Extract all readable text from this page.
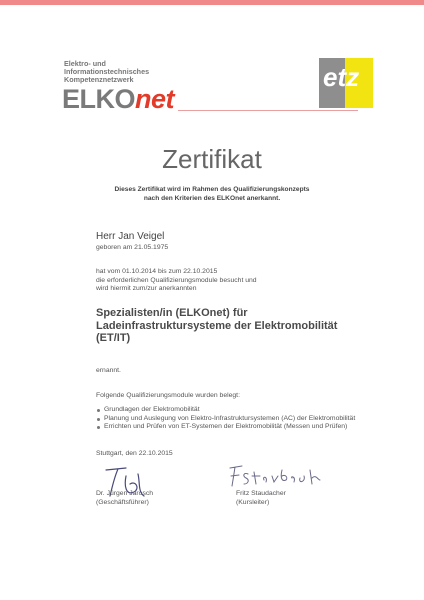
Elektro- und
Informationstechnisches
Kompetenznetzwerk
ELKOnet
etz
Zertifikat
Dieses Zertifikat wird im Rahmen des Qualifizierungskonzepts
nach den Kriterien des ELKOnet anerkannt.
Herr Jan Veigel
geboren am 21.05.1975
hat vom 01.10.2014 bis zum 22.10.2015
die erforderlichen Qualifizierungsmodule besucht und
wird hiermit zum/zur anerkannten
Spezialisten/in (ELKOnet) für
Ladeinfrastruktursysteme der Elektromobilität
(ET/IT)
ernannt.
Folgende Qualifizierungsmodule wurden belegt:
Grundlagen der Elektromobilität
Planung und Auslegung von Elektro-Infrastruktursystemen (AC) der Elektromobilität
Errichten und Prüfen von ET-Systemen der Elektromobilität (Messen und Prüfen)
Stuttgart, den 22.10.2015
Dr. Jürgen Jarosch
(Geschäftsführer)
Fritz Staudacher
(Kursleiter)
